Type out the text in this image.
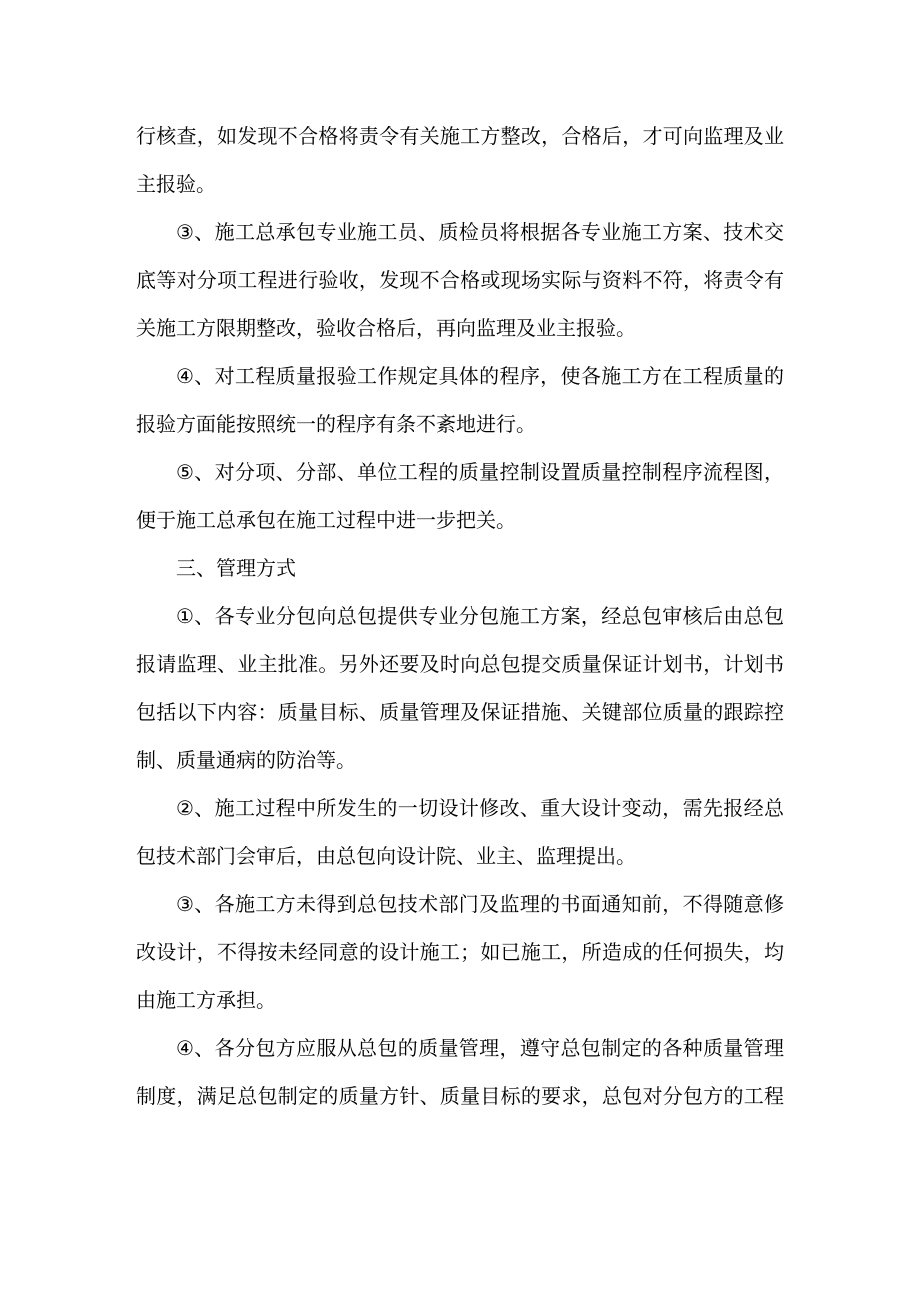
行核查，如发现不合格将责令有关施工方整改，合格后，才可向监理及业
主报验。
③、施工总承包专业施工员、质检员将根据各专业施工方案、技术交
底等对分项工程进行验收，发现不合格或现场实际与资料不符，将责令有
关施工方限期整改，验收合格后，再向监理及业主报验。
④、对工程质量报验工作规定具体的程序，使各施工方在工程质量的
报验方面能按照统一的程序有条不紊地进行。
⑤、对分项、分部、单位工程的质量控制设置质量控制程序流程图，
便于施工总承包在施工过程中进一步把关。
三、管理方式
①、各专业分包向总包提供专业分包施工方案，经总包审核后由总包
报请监理、业主批准。另外还要及时向总包提交质量保证计划书，计划书
包括以下内容：质量目标、质量管理及保证措施、关键部位质量的跟踪控
制、质量通病的防治等。
②、施工过程中所发生的一切设计修改、重大设计变动，需先报经总
包技术部门会审后，由总包向设计院、业主、监理提出。
③、各施工方未得到总包技术部门及监理的书面通知前，不得随意修
改设计，不得按未经同意的设计施工；如已施工，所造成的任何损失，均
由施工方承担。
④、各分包方应服从总包的质量管理，遵守总包制定的各种质量管理
制度，满足总包制定的质量方针、质量目标的要求，总包对分包方的工程
